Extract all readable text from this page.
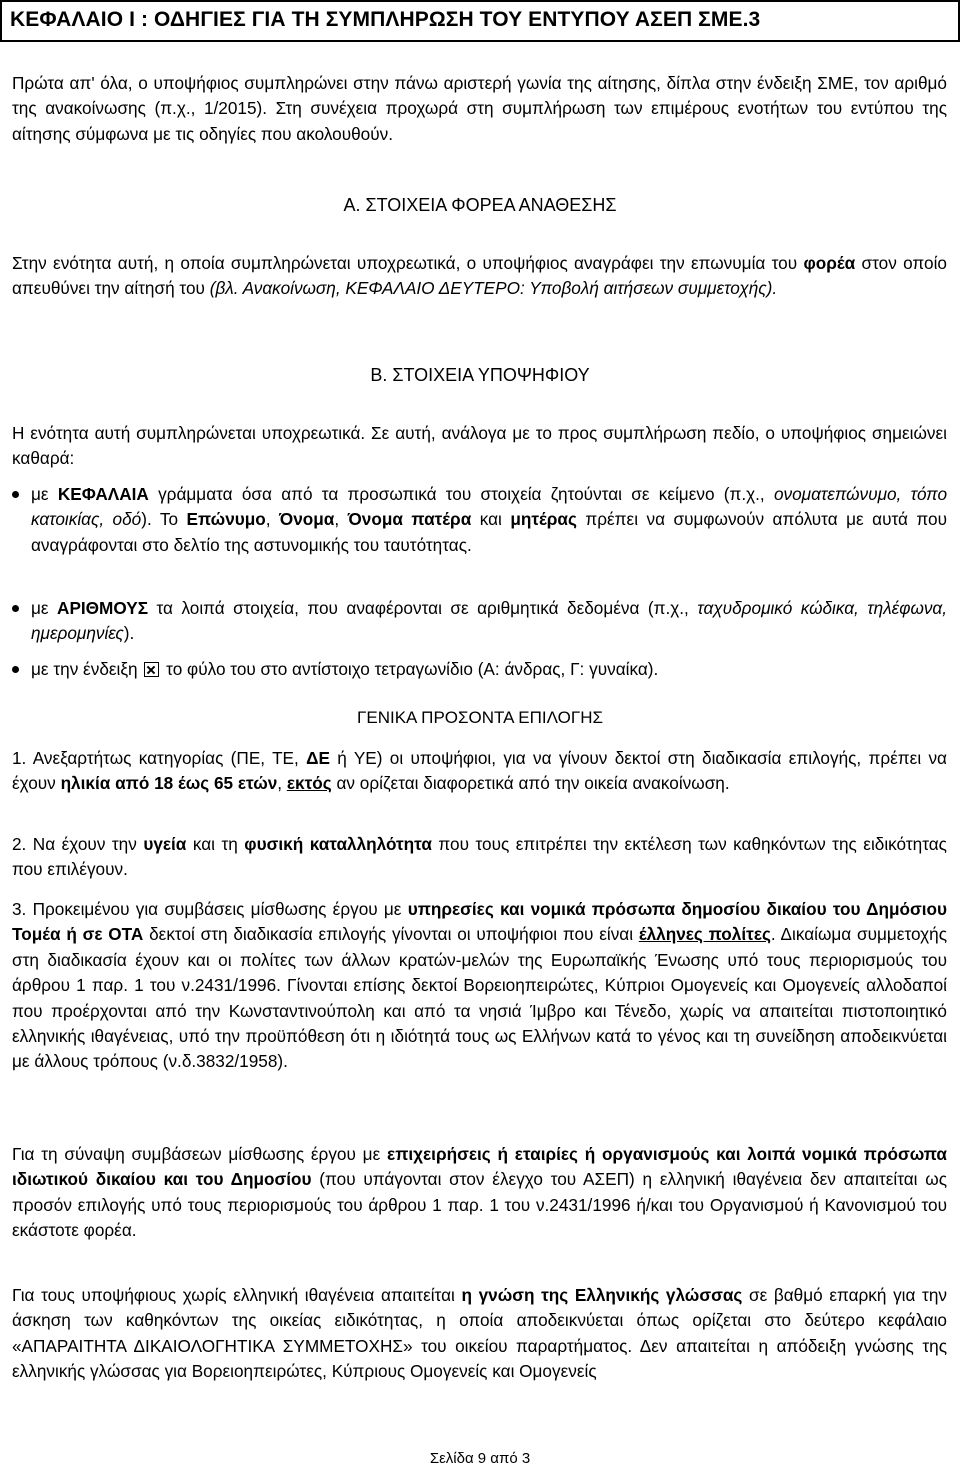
ΚΕΦΑΛΑΙΟ Ι : ΟΔΗΓΙΕΣ ΓΙΑ ΤΗ ΣΥΜΠΛΗΡΩΣΗ ΤΟΥ ΕΝΤΥΠΟΥ ΑΣΕΠ ΣΜΕ.3

Πρώτα απ' όλα, ο υποψήφιος συμπληρώνει στην πάνω αριστερή γωνία της αίτησης, δίπλα στην ένδειξη ΣΜΕ, τον αριθμό της ανακοίνωσης (π.χ., 1/2015). Στη συνέχεια προχωρά στη συμπλήρωση των επιμέρους ενοτήτων του εντύπου της αίτησης σύμφωνα με τις οδηγίες που ακολουθούν.

Α. ΣΤΟΙΧΕΙΑ ΦΟΡΕΑ ΑΝΑΘΕΣΗΣ

Στην ενότητα αυτή, η οποία συμπληρώνεται υποχρεωτικά, ο υποψήφιος αναγράφει την επωνυμία του φορέα στον οποίο απευθύνει την αίτησή του (βλ. Ανακοίνωση, ΚΕΦΑΛΑΙΟ ΔΕΥΤΕΡΟ: Υποβολή αιτήσεων συμμετοχής).

Β. ΣΤΟΙΧΕΙΑ ΥΠΟΨΗΦΙΟΥ

Η ενότητα αυτή συμπληρώνεται υποχρεωτικά. Σε αυτή, ανάλογα με το προς συμπλήρωση πεδίο, ο υποψήφιος σημειώνει καθαρά:

με ΚΕΦΑΛΑΙΑ γράμματα όσα από τα προσωπικά του στοιχεία ζητούνται σε κείμενο (π.χ., ονοματεπώνυμο, τόπο κατοικίας, οδό). Το Επώνυμο, Όνομα, Όνομα πατέρα και μητέρας πρέπει να συμφωνούν απόλυτα με αυτά που αναγράφονται στο δελτίο της αστυνομικής του ταυτότητας.
με ΑΡΙΘΜΟΥΣ τα λοιπά στοιχεία, που αναφέρονται σε αριθμητικά δεδομένα (π.χ., ταχυδρομικό κώδικα, τηλέφωνα, ημερομηνίες).
με την ένδειξη  το φύλο του στο αντίστοιχο τετραγωνίδιο (Α: άνδρας, Γ: γυναίκα).

ΓΕΝΙΚΑ ΠΡΟΣΟΝΤΑ ΕΠΙΛΟΓΗΣ

1. Ανεξαρτήτως κατηγορίας (ΠΕ, ΤΕ, ΔΕ ή ΥΕ) οι υποψήφιοι, για να γίνουν δεκτοί στη διαδικασία επιλογής, πρέπει να έχουν ηλικία από 18 έως 65 ετών, εκτός αν ορίζεται διαφορετικά από την οικεία ανακοίνωση.

2. Να έχουν την υγεία και τη φυσική καταλληλότητα που τους επιτρέπει την εκτέλεση των καθηκόντων της ειδικότητας που επιλέγουν.

3. Προκειμένου για συμβάσεις μίσθωσης έργου με υπηρεσίες και νομικά πρόσωπα δημοσίου δικαίου του Δημόσιου Τομέα ή σε ΟΤΑ δεκτοί στη διαδικασία επιλογής γίνονται οι υποψήφιοι που είναι έλληνες πολίτες. Δικαίωμα συμμετοχής στη διαδικασία έχουν και οι πολίτες των άλλων κρατών-μελών της Ευρωπαϊκής Ένωσης υπό τους περιορισμούς του άρθρου 1 παρ. 1 του ν.2431/1996. Γίνονται επίσης δεκτοί Βορειοηπειρώτες, Κύπριοι Ομογενείς και Ομογενείς αλλοδαποί που προέρχονται από την Κωνσταντινούπολη και από τα νησιά Ίμβρο και Τένεδο, χωρίς να απαιτείται πιστοποιητικό ελληνικής ιθαγένειας, υπό την προϋπόθεση ότι η ιδιότητά τους ως Ελλήνων κατά το γένος και τη συνείδηση αποδεικνύεται με άλλους τρόπους (ν.δ.3832/1958).

Για τη σύναψη συμβάσεων μίσθωσης έργου με επιχειρήσεις ή εταιρίες ή οργανισμούς και λοιπά νομικά πρόσωπα ιδιωτικού δικαίου και του Δημοσίου (που υπάγονται στον έλεγχο του ΑΣΕΠ) η ελληνική ιθαγένεια δεν απαιτείται ως προσόν επιλογής υπό τους περιορισμούς του άρθρου 1 παρ. 1 του ν.2431/1996 ή/και του Οργανισμού ή Κανονισμού του εκάστοτε φορέα.

Για τους υποψήφιους χωρίς ελληνική ιθαγένεια απαιτείται η γνώση της Ελληνικής γλώσσας σε βαθμό επαρκή για την άσκηση των καθηκόντων της οικείας ειδικότητας, η οποία αποδεικνύεται όπως ορίζεται στο δεύτερο κεφάλαιο «ΑΠΑΡΑΙΤΗΤΑ ΔΙΚΑΙΟΛΟΓΗΤΙΚΑ ΣΥΜΜΕΤΟΧΗΣ» του οικείου παραρτήματος. Δεν απαιτείται η απόδειξη γνώσης της ελληνικής γλώσσας για Βορειοηπειρώτες, Κύπριους Ομογενείς και Ομογενείς

Σελίδα 9 από 3
